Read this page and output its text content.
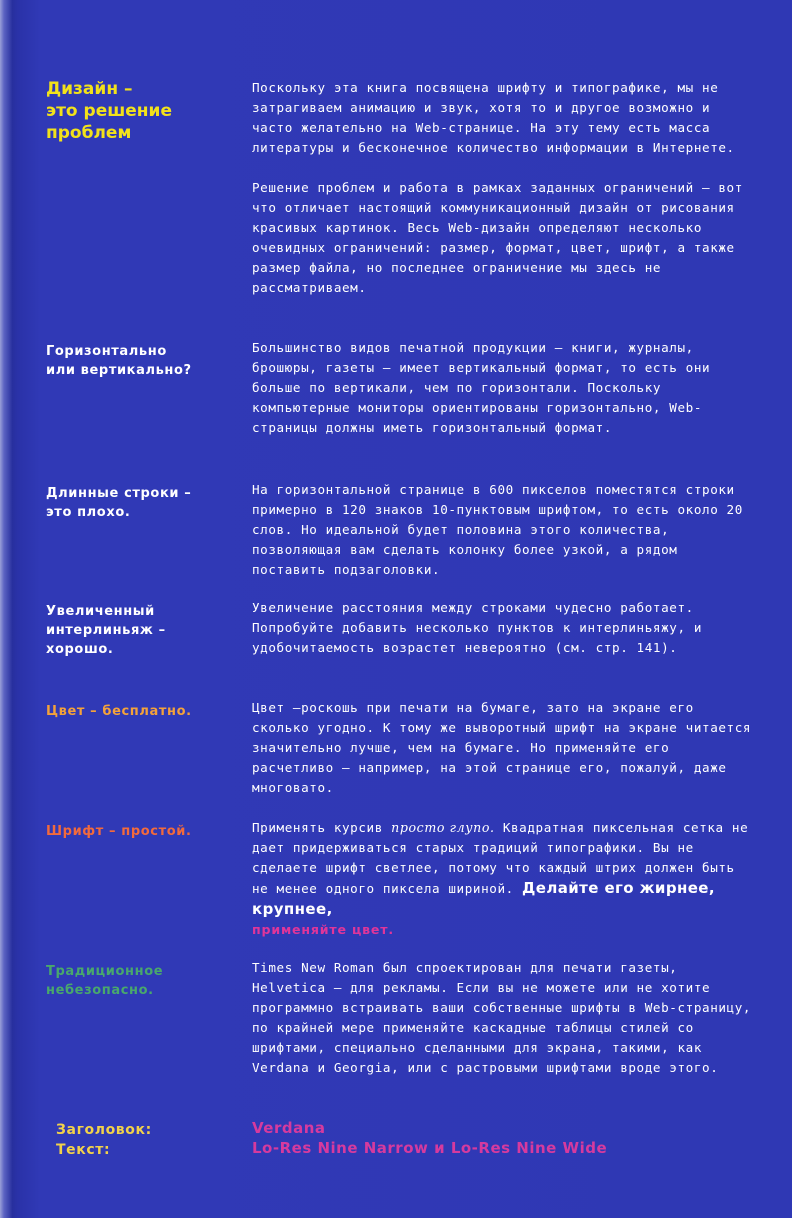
Дизайн –
это решение
проблем

Поскольку эта книга посвящена шрифту и типографике, мы не затрагиваем анимацию и звук, хотя то и другое возможно и часто желательно на Web-странице. На эту тему есть масса литературы и бесконечное количество информации в Интернете.

Решение проблем и работа в рамках заданных ограничений – вот что отличает настоящий коммуникационный дизайн от рисования красивых картинок. Весь Web-дизайн определяют несколько очевидных ограничений: размер, формат, цвет, шрифт, а также размер файла, но последнее ограничение мы здесь не рассматриваем.

Горизонтально
или вертикально?

Большинство видов печатной продукции – книги, журналы, брошюры, газеты – имеет вертикальный формат, то есть они больше по вертикали, чем по горизонтали. Поскольку компьютерные мониторы ориентированы горизонтально, Web-страницы должны иметь горизонтальный формат.

Длинные строки –
это плохо.

На горизонтальной странице в 600 пикселов поместятся строки примерно в 120 знаков 10-пунктовым шрифтом, то есть около 20 слов. Но идеальной будет половина этого количества, позволяющая вам сделать колонку более узкой, а рядом поставить подзаголовки.

Увеличенный
интерлиньяж –
хорошо.

Увеличение расстояния между строками чудесно работает. Попробуйте добавить несколько пунктов к интерлиньяжу, и удобочитаемость возрастет невероятно (см. стр. 141).

Цвет – бесплатно.	Цвет –роскошь при печати на бумаге, зато на экране его сколько угодно. К тому же выворотный шрифт на экране читается значительно лучше, чем на бумаге. Но применяйте его расчетливо – например, на этой странице его, пожалуй, даже многовато.

Шрифт – простой.	Применять курсив просто глупо. Квадратная пиксельная сетка не дает придерживаться старых традиций типографики. Вы не сделаете шрифт светлее, потому что каждый штрих должен быть не менее одного пиксела шириной. Делайте его жирнее, крупнее,
применяйте цвет.

Традиционное
небезопасно.

Times New Roman был спроектирован для печати газеты, Helvetica – для рекламы. Если вы не можете или не хотите программно встраивать ваши собственные шрифты в Web-страницу, по крайней мере применяйте каскадные таблицы стилей со шрифтами, специально сделанными для экрана, такими, как Verdana и Georgia, или с растровыми шрифтами вроде этого.

Заголовок:
Текст:
Verdana
Lo-Res Nine Narrow и Lo-Res Nine Wide
